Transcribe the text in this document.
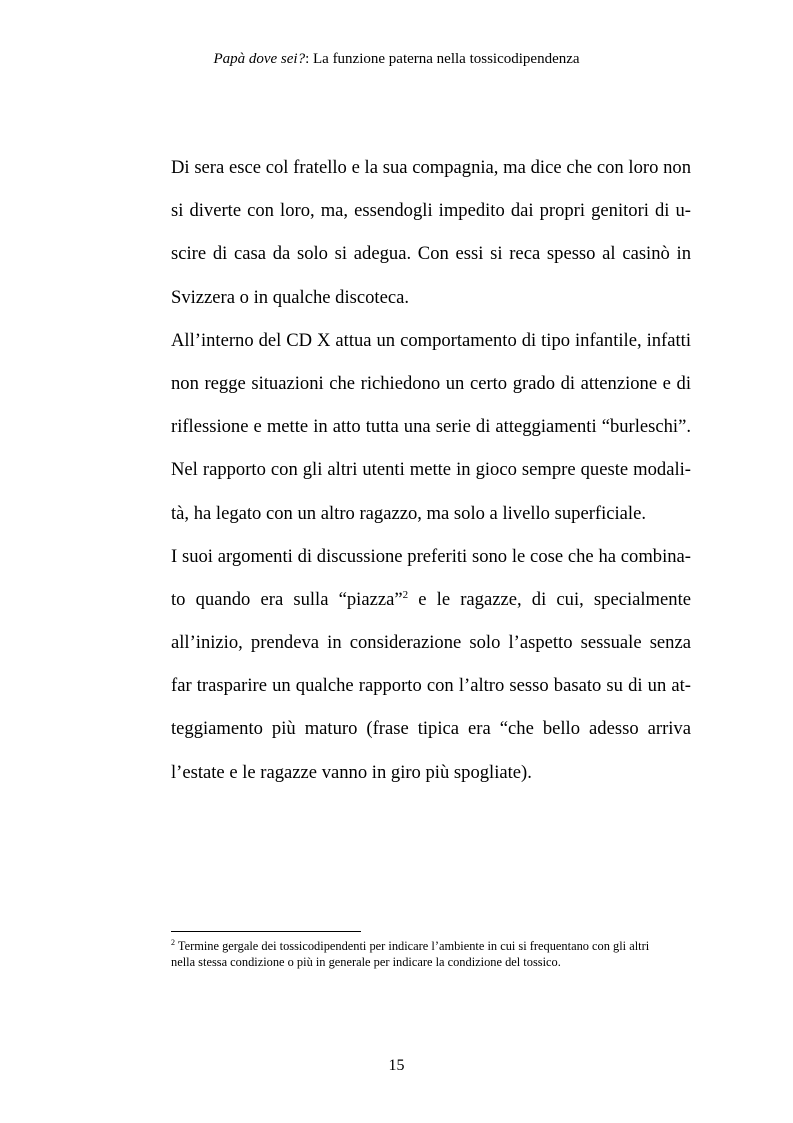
Papà dove sei?: La funzione paterna nella tossicodipendenza
Di sera esce col fratello e la sua compagnia, ma dice che con loro non
si diverte con loro, ma, essendogli impedito dai propri genitori di u-
scire di casa da solo si adegua. Con essi si reca spesso al casinò in
Svizzera o in qualche discoteca.
All’interno del CD X attua un comportamento di tipo infantile, infatti
non regge situazioni che richiedono un certo grado di attenzione e di
riflessione e mette in atto tutta una serie di atteggiamenti “burleschi”.
Nel rapporto con gli altri utenti mette in gioco sempre queste modali-
tà, ha legato con un altro ragazzo, ma solo a livello superficiale.
I suoi argomenti di discussione preferiti sono le cose che ha combina-
to quando era sulla “piazza”$^2$ e le ragazze, di cui, specialmente
all’inizio, prendeva in considerazione solo l’aspetto sessuale senza
far trasparire un qualche rapporto con l’altro sesso basato su di un at-
teggiamento più maturo (frase tipica era “che bello adesso arriva
l’estate e le ragazze vanno in giro più spogliate).
$^2$ Termine gergale dei tossicodipendenti per indicare l’ambiente in cui si frequentano con gli altri
nella stessa condizione o più in generale per indicare la condizione del tossico.
15
